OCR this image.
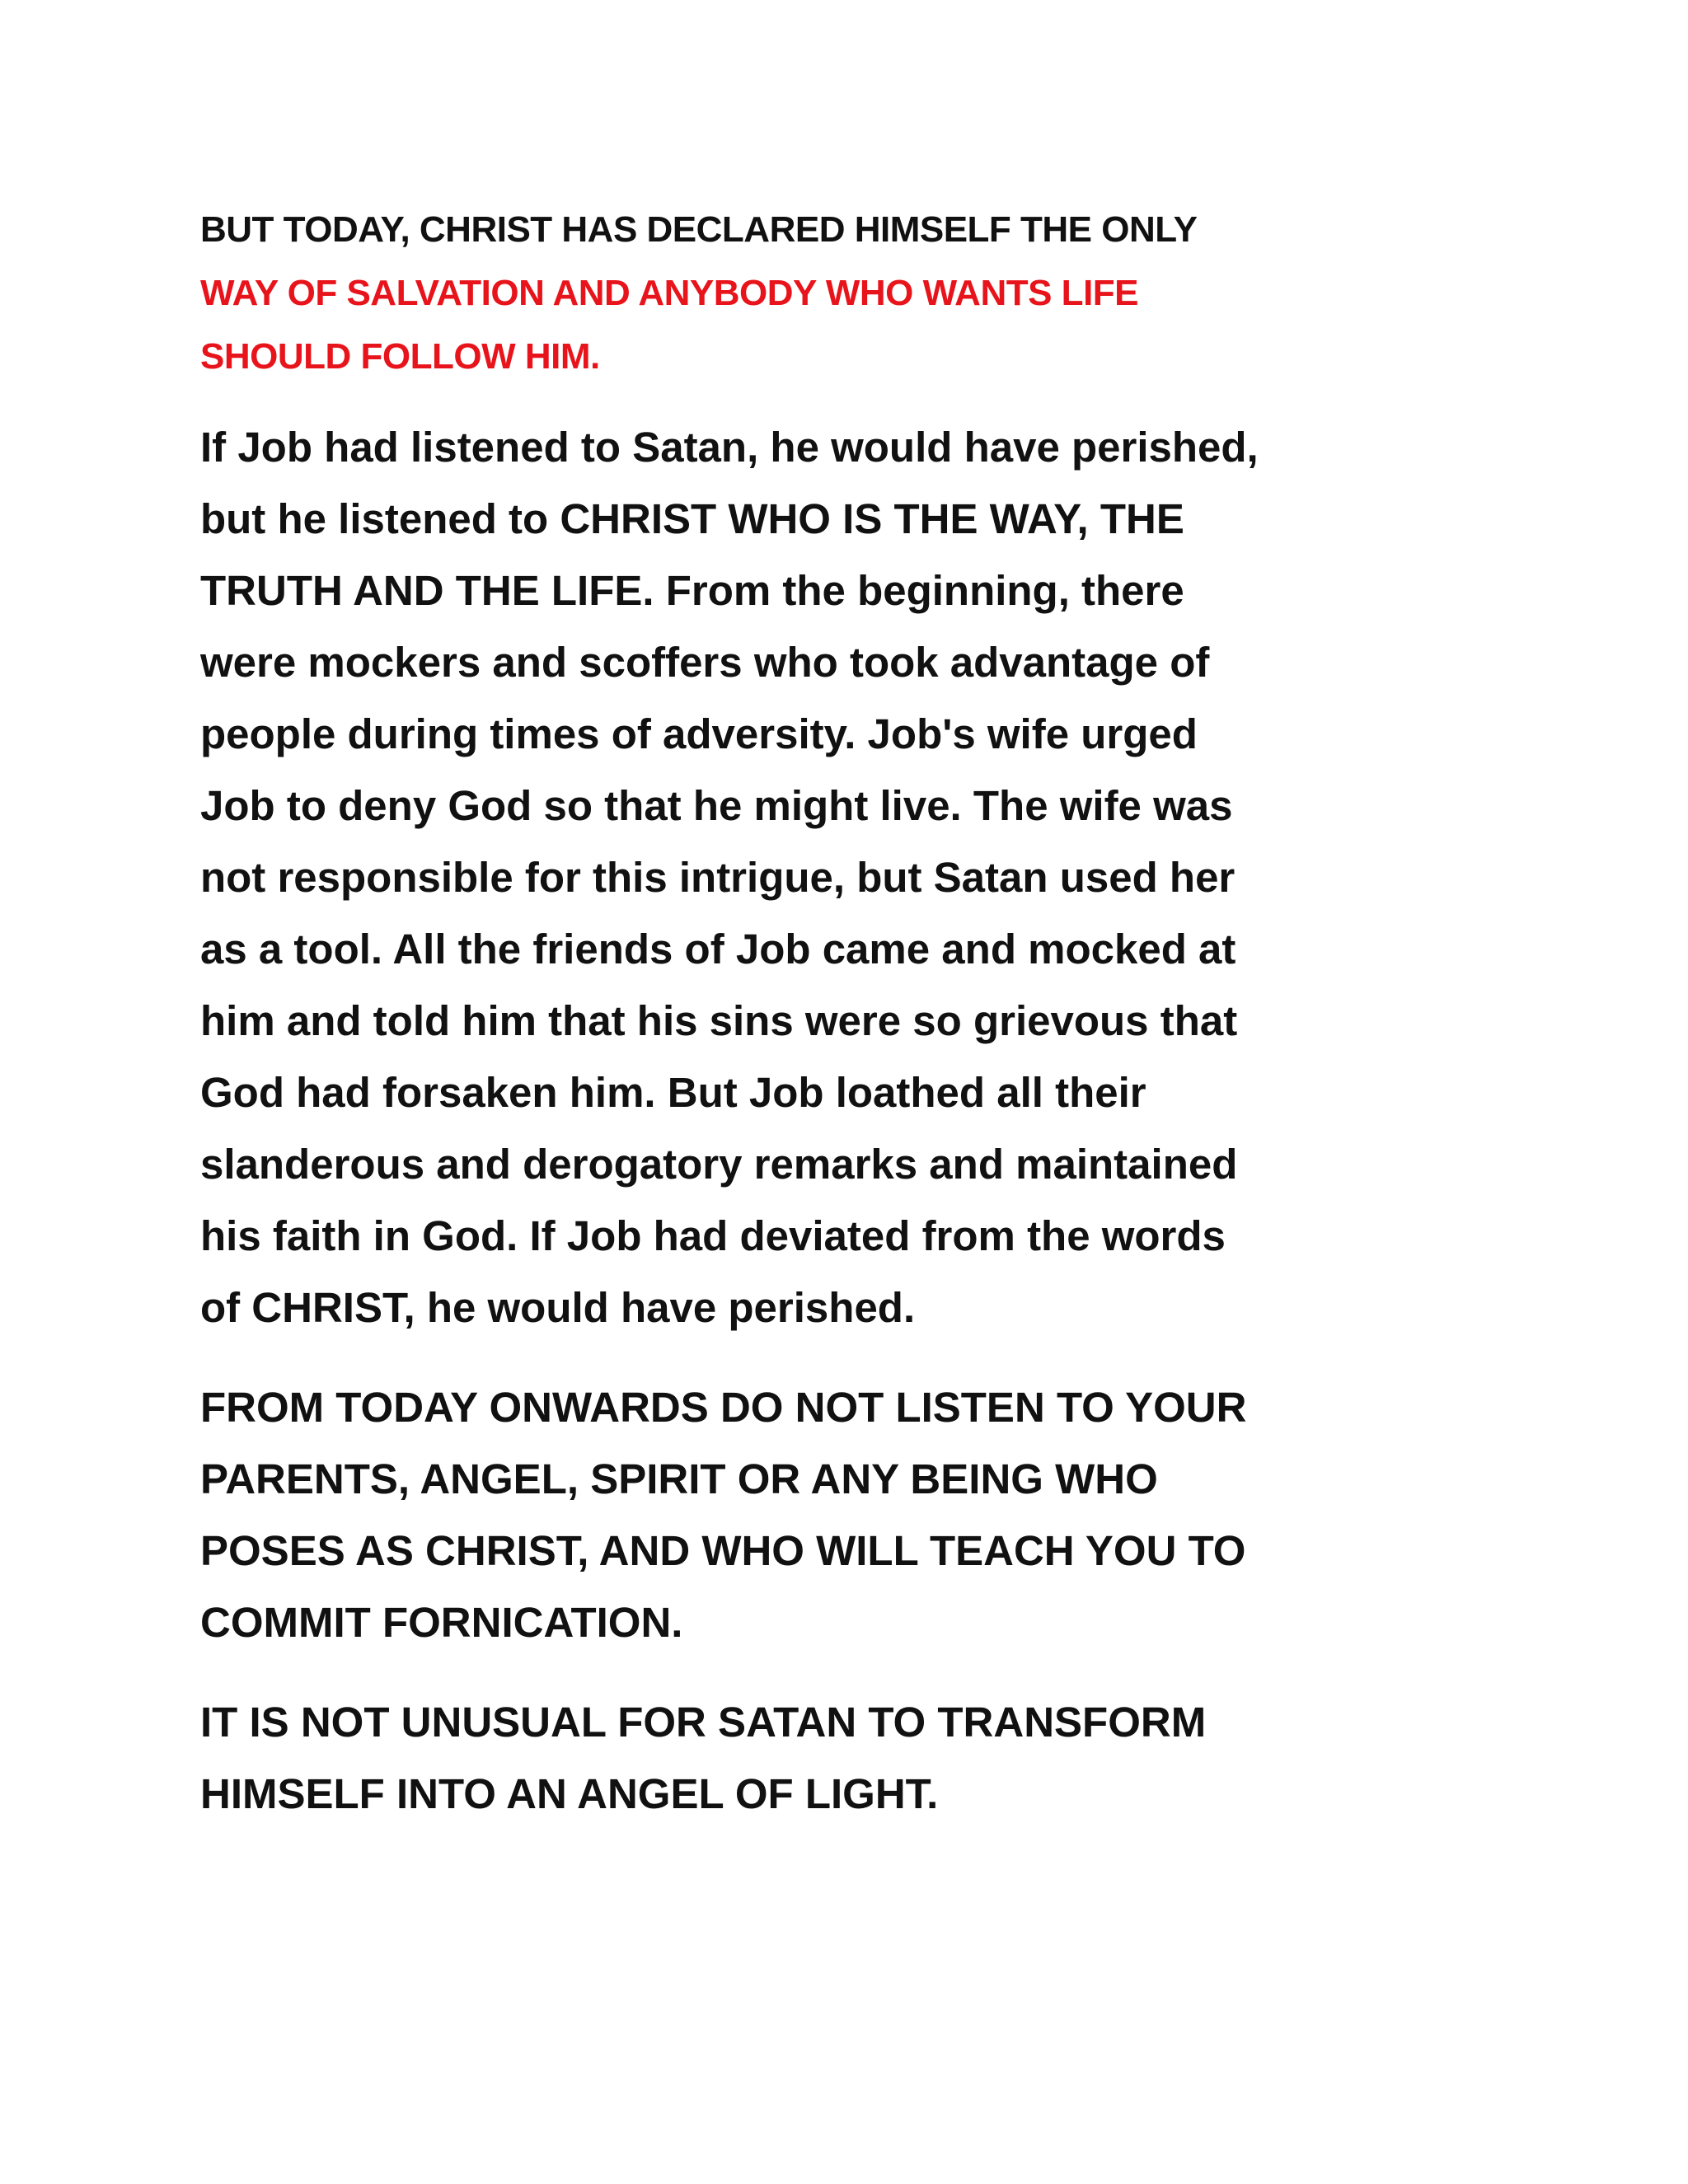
BUT TODAY, CHRIST HAS DECLARED HIMSELF THE ONLY
WAY OF SALVATION AND ANYBODY WHO WANTS LIFE
SHOULD FOLLOW HIM.
If Job had listened to Satan, he would have perished,
but he listened to CHRIST WHO IS THE WAY, THE
TRUTH AND THE LIFE. From the beginning, there
were mockers and scoffers who took advantage of
people during times of adversity. Job's wife urged
Job to deny God so that he might live. The wife was
not responsible for this intrigue, but Satan used her
as a tool. All the friends of Job came and mocked at
him and told him that his sins were so grievous that
God had forsaken him. But Job loathed all their
slanderous and derogatory remarks and maintained
his faith in God. If Job had deviated from the words
of CHRIST, he would have perished.
FROM TODAY ONWARDS DO NOT LISTEN TO YOUR
PARENTS, ANGEL, SPIRIT OR ANY BEING WHO
POSES AS CHRIST, AND WHO WILL TEACH YOU TO
COMMIT FORNICATION.
IT IS NOT UNUSUAL FOR SATAN TO TRANSFORM
HIMSELF INTO AN ANGEL OF LIGHT.
